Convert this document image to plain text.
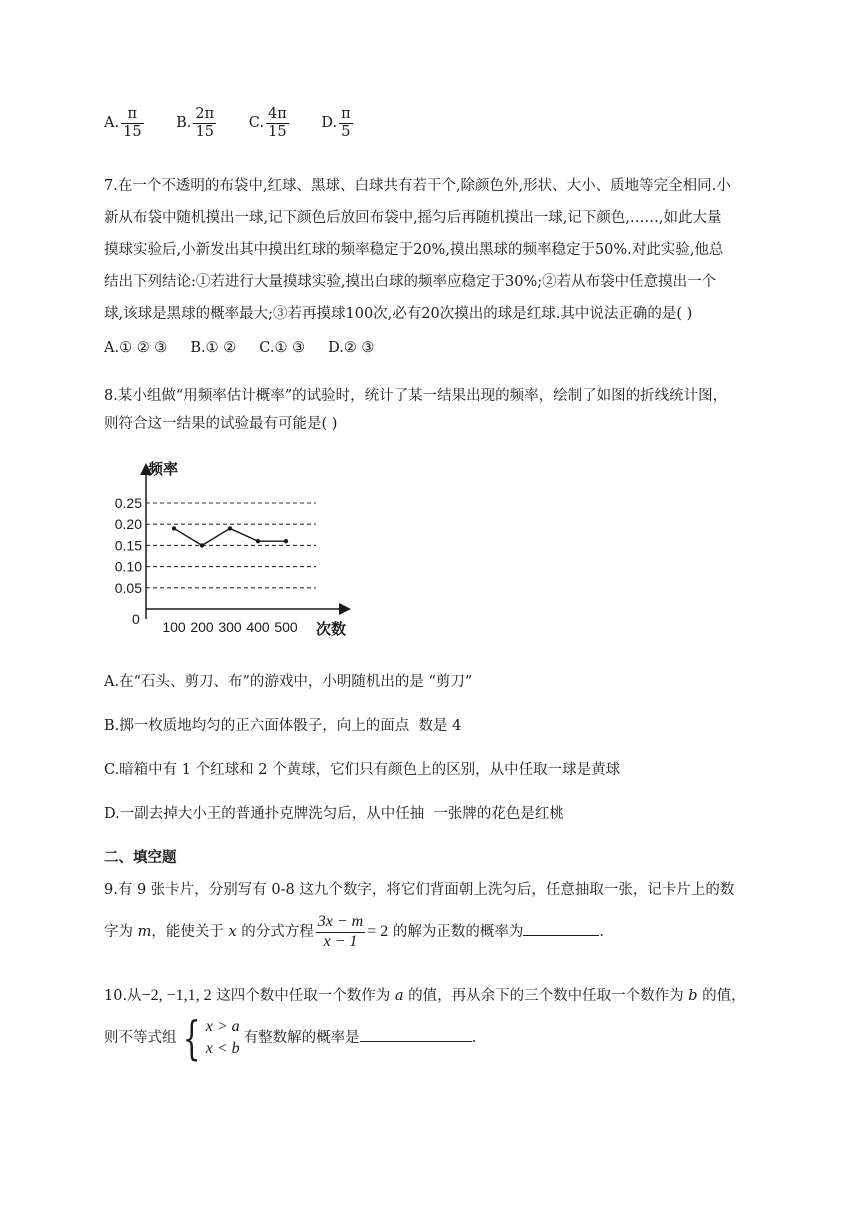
A. $\frac{\pi}{15} B$. $\frac{2\pi}{15} C$. $\frac{4\pi}{15} D$. $\frac{\pi}{5}$
7.在一个不透明的布袋中,红球、黑球、白球共有若干个,除颜色外,形状、大小、质地等完全相同.小
新从布袋中随机摸出一球,记下颜色后放回布袋中,摇匀后再随机摸出一球,记下颜色,……,如此大量
摸球实验后,小新发出其中摸出红球的频率稳定于20%,摸出黑球的频率稳定于50%.对此实验,他总
结出下列结论:①若进行大量摸球实验,摸出白球的频率应稳定于30%;②若从布袋中任意摸出一个
球,该球是黑球的概率最大;③若再摸球100次,必有20次摸出的球是红球.其中说法正确的是( )
A.① ② ③     B.① ②     C.① ③     D.② ③
8.某小组做“用频率估计概率”的试验时，统计了某一结果出现的频率，绘制了如图的折线统计图，
则符合这一结果的试验最有可能是( )
频率
次数
0
0.25
0.20
0.15
0.10
0.05
100 200 300 400 500
A.在“石头、剪刀、布”的游戏中，小明随机出的是 “剪刀”
B.掷一枚质地均匀的正六面体骰子，向上的面点  数是 4
C.暗箱中有 1 个红球和 2 个黄球，它们只有颜色上的区别，从中任取一球是黄球
D.一副去掉大小王的普通扑克牌洗匀后，从中任抽  一张牌的花色是红桃
二、填空题
9.有 9 张卡片，分别写有 0-8 这九个数字，将它们背面朝上洗匀后，任意抽取一张，记卡片上的数
字为 m，能使关于 x 的分式方程 $\frac{3x - m}{x - 1} = 2$ 的解为正数的概率为	.
10.从−2, −1,1, 2 这四个数中任取一个数作为 a 的值，再从余下的三个数中任取一个数作为 b 的值，
则不等式组 { x > a
x < b
有整数解的概率是	.
